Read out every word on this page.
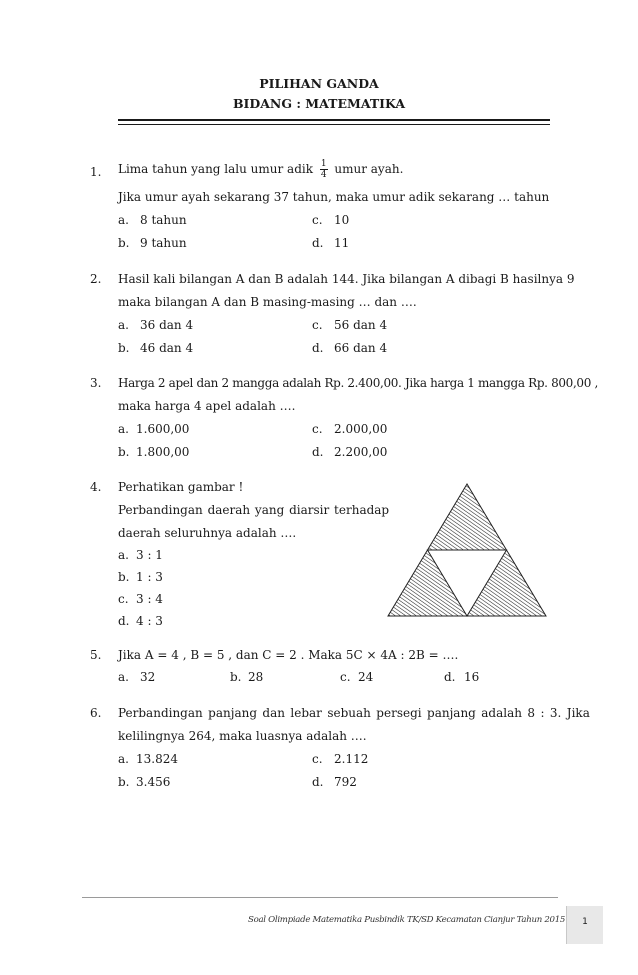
PILIHAN GANDA
BIDANG : MATEMATIKA
1. Lima tahun yang lalu umur adik $\frac{1}{4}$ umur ayah.
Jika umur ayah sekarang 37 tahun, maka umur adik sekarang … tahun
a. 8 tahun	c. 10
b. 9 tahun	d. 11
2. Hasil kali bilangan A dan B adalah 144. Jika bilangan A dibagi B hasilnya 9
maka bilangan A dan B masing-masing … dan ….
a. 36 dan 4	c. 56 dan 4
b. 46 dan 4	d. 66 dan 4
3. Harga 2 apel dan 2 mangga adalah Rp. 2.400,00. Jika harga 1 mangga Rp. 800,00 ,
maka harga 4 apel adalah ….
a. 1.600,00	c. 2.000,00
b. 1.800,00	d. 2.200,00
4. Perhatikan gambar !
Perbandingan daerah yang diarsir terhadap
daerah seluruhnya adalah ….
a. 3 : 1
b. 1 : 3
c. 3 : 4
d. 4 : 3
5. Jika A = 4 , B = 5 , dan C = 2 . Maka 5C × 4A : 2B = ….
a. 32	b. 28	c. 24	d. 16
6. Perbandingan panjang dan lebar sebuah persegi panjang adalah 8 : 3. Jika
kelilingnya 264, maka luasnya adalah ….
a. 13.824	c. 2.112
b. 3.456	d. 792
Soal Olimpiade Matematika Pusbindik TK/SD Kecamatan Cianjur Tahun 2015	1
